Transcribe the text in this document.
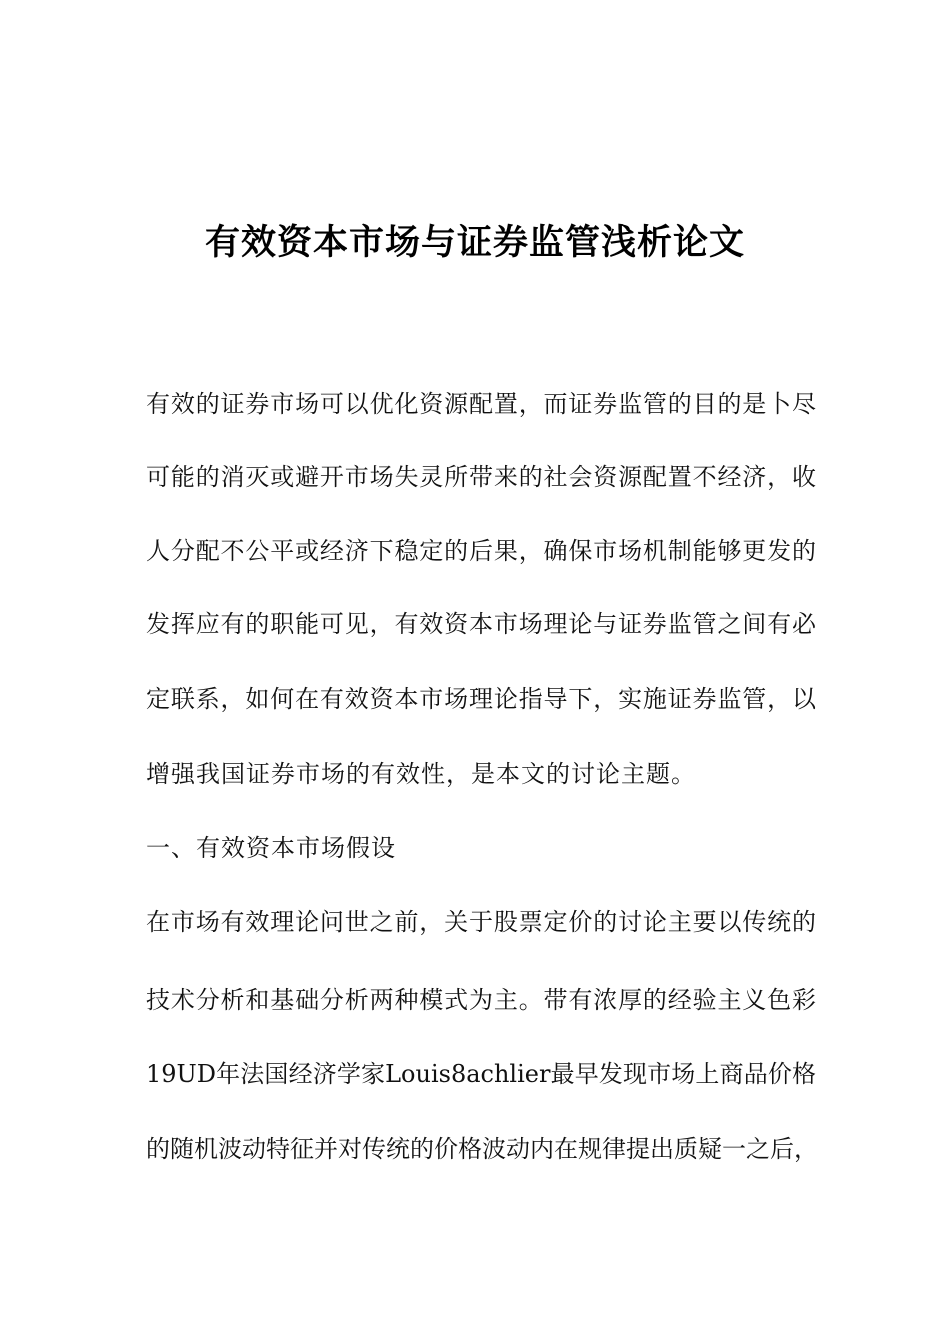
有效资本市场与证券监管浅析论文
有效的证券市场可以优化资源配置，而证券监管的目的是卜尽
可能的消灭或避开市场失灵所带来的社会资源配置不经济，收
人分配不公平或经济下稳定的后果，确保市场机制能够更发的
发挥应有的职能可见，有效资本市场理论与证券监管之间有必
定联系，如何在有效资本市场理论指导下，实施证券监管，以
增强我国证券市场的有效性，是本文的讨论主题。
一、有效资本市场假设
在市场有效理论问世之前，关于股票定价的讨论主要以传统的
技术分析和基础分析两种模式为主。带有浓厚的经验主义色彩
19UD年法国经济学家Louis8achlier最早发现市场上商品价格
的随机波动特征并对传统的价格波动内在规律提出质疑一之后，
